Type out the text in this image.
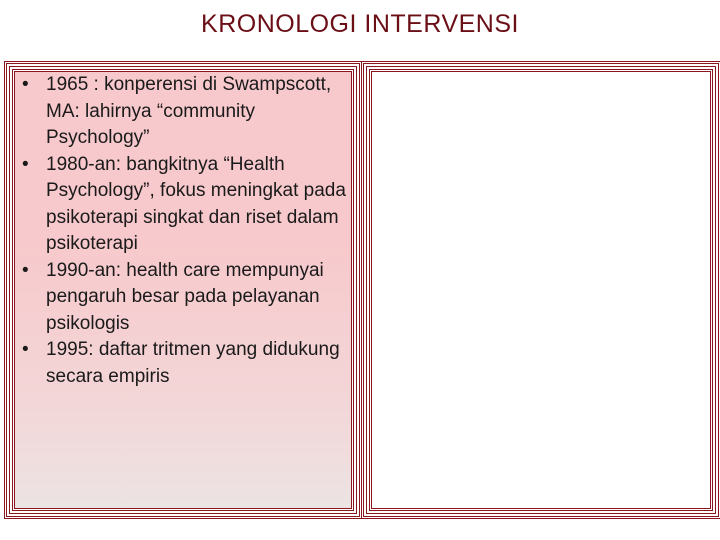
KRONOLOGI INTERVENSI
• 1965 : konperensi di Swampscott, MA: lahirnya “community Psychology”
• 1980-an: bangkitnya “Health Psychology”, fokus meningkat pada psikoterapi singkat dan riset dalam psikoterapi
• 1990-an: health care mempunyai pengaruh besar pada pelayanan psikologis
• 1995: daftar tritmen yang didukung secara empiris
